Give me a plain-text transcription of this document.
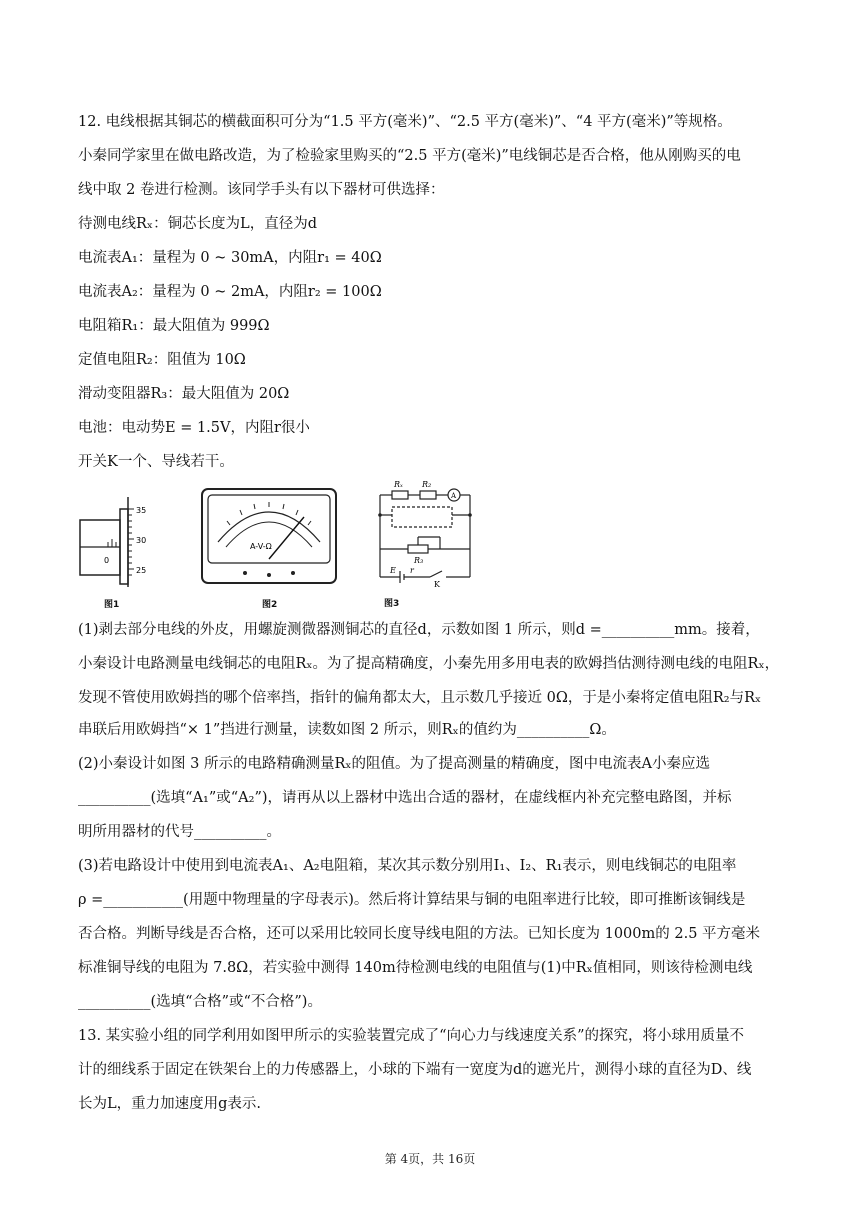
12. 电线根据其铜芯的横截面积可分为“1.5 平方(毫米)”、“2.5 平方(毫米)”、“4 平方(毫米)”等规格。
小秦同学家里在做电路改造，为了检验家里购买的“2.5 平方(毫米)”电线铜芯是否合格，他从刚购买的电
线中取 2 卷进行检测。该同学手头有以下器材可供选择：
待测电线Rₓ：铜芯长度为L，直径为d
电流表A₁：量程为 0 ~ 30mA，内阻r₁ = 40Ω
电流表A₂：量程为 0 ~ 2mA，内阻r₂ = 100Ω
电阻箱R₁：最大阻值为 999Ω
定值电阻R₂：阻值为 10Ω
滑动变阻器R₃：最大阻值为 20Ω
电池：电动势E = 1.5V，内阻r很小
开关K一个、导线若干。
35
30
25
0
图1
A-V-Ω
图2
Rₓ R₂
A
R₃
E r
K
图3
(1)剥去部分电线的外皮，用螺旋测微器测铜芯的直径d，示数如图 1 所示，则d =__________mm。接着，
小秦设计电路测量电线铜芯的电阻Rₓ。为了提高精确度，小秦先用多用电表的欧姆挡估测待测电线的电阻Rₓ，
发现不管使用欧姆挡的哪个倍率挡，指针的偏角都太大，且示数几乎接近 0Ω，于是小秦将定值电阻R₂与Rₓ
串联后用欧姆挡“× 1”挡进行测量，读数如图 2 所示，则Rₓ的值约为__________Ω。
(2)小秦设计如图 3 所示的电路精确测量Rₓ的阻值。为了提高测量的精确度，图中电流表A小秦应选
__________(选填“A₁”或“A₂”)，请再从以上器材中选出合适的器材，在虚线框内补充完整电路图，并标
明所用器材的代号__________。
(3)若电路设计中使用到电流表A₁、A₂电阻箱，某次其示数分别用I₁、I₂、R₁表示，则电线铜芯的电阻率
ρ =___________(用题中物理量的字母表示)。然后将计算结果与铜的电阻率进行比较，即可推断该铜线是
否合格。判断导线是否合格，还可以采用比较同长度导线电阻的方法。已知长度为 1000m的 2.5 平方毫米
标准铜导线的电阻为 7.8Ω，若实验中测得 140m待检测电线的电阻值与(1)中Rₓ值相同，则该待检测电线
__________(选填“合格”或“不合格”)。
13. 某实验小组的同学利用如图甲所示的实验装置完成了“向心力与线速度关系”的探究，将小球用质量不
计的细线系于固定在铁架台上的力传感器上，小球的下端有一宽度为d的遮光片，测得小球的直径为D、线
长为L，重力加速度用g表示.
第 4页，共 16页
